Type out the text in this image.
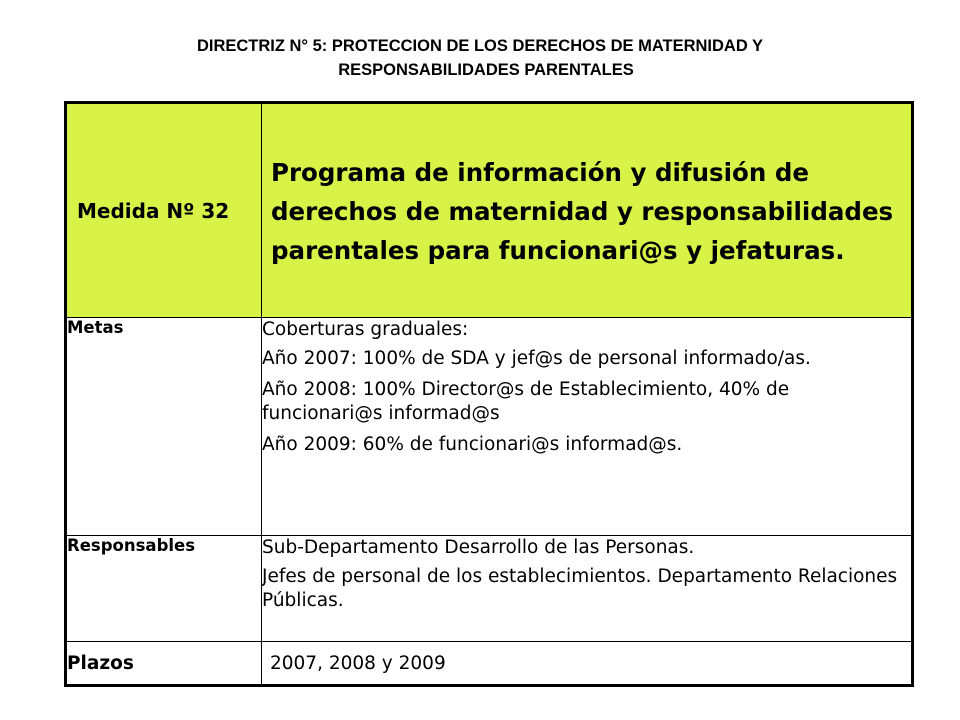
DIRECTRIZ N° 5: PROTECCION DE LOS DERECHOS DE MATERNIDAD Y
RESPONSABILIDADES PARENTALES
Medida Nº 32	Programa de información y difusión de derechos de maternidad y responsabilidades parentales para funcionari@s y jefaturas.
Metas	Coberturas graduales:
Año 2007: 100% de SDA y jef@s de personal informado/as.
Año 2008: 100% Director@s de Establecimiento, 40% de funcionari@s informad@s
Año 2009: 60% de funcionari@s informad@s.

Responsables	Sub-Departamento Desarrollo de las Personas.
Jefes de personal de los establecimientos. Departamento Relaciones Públicas.

Plazos	2007, 2008 y 2009
